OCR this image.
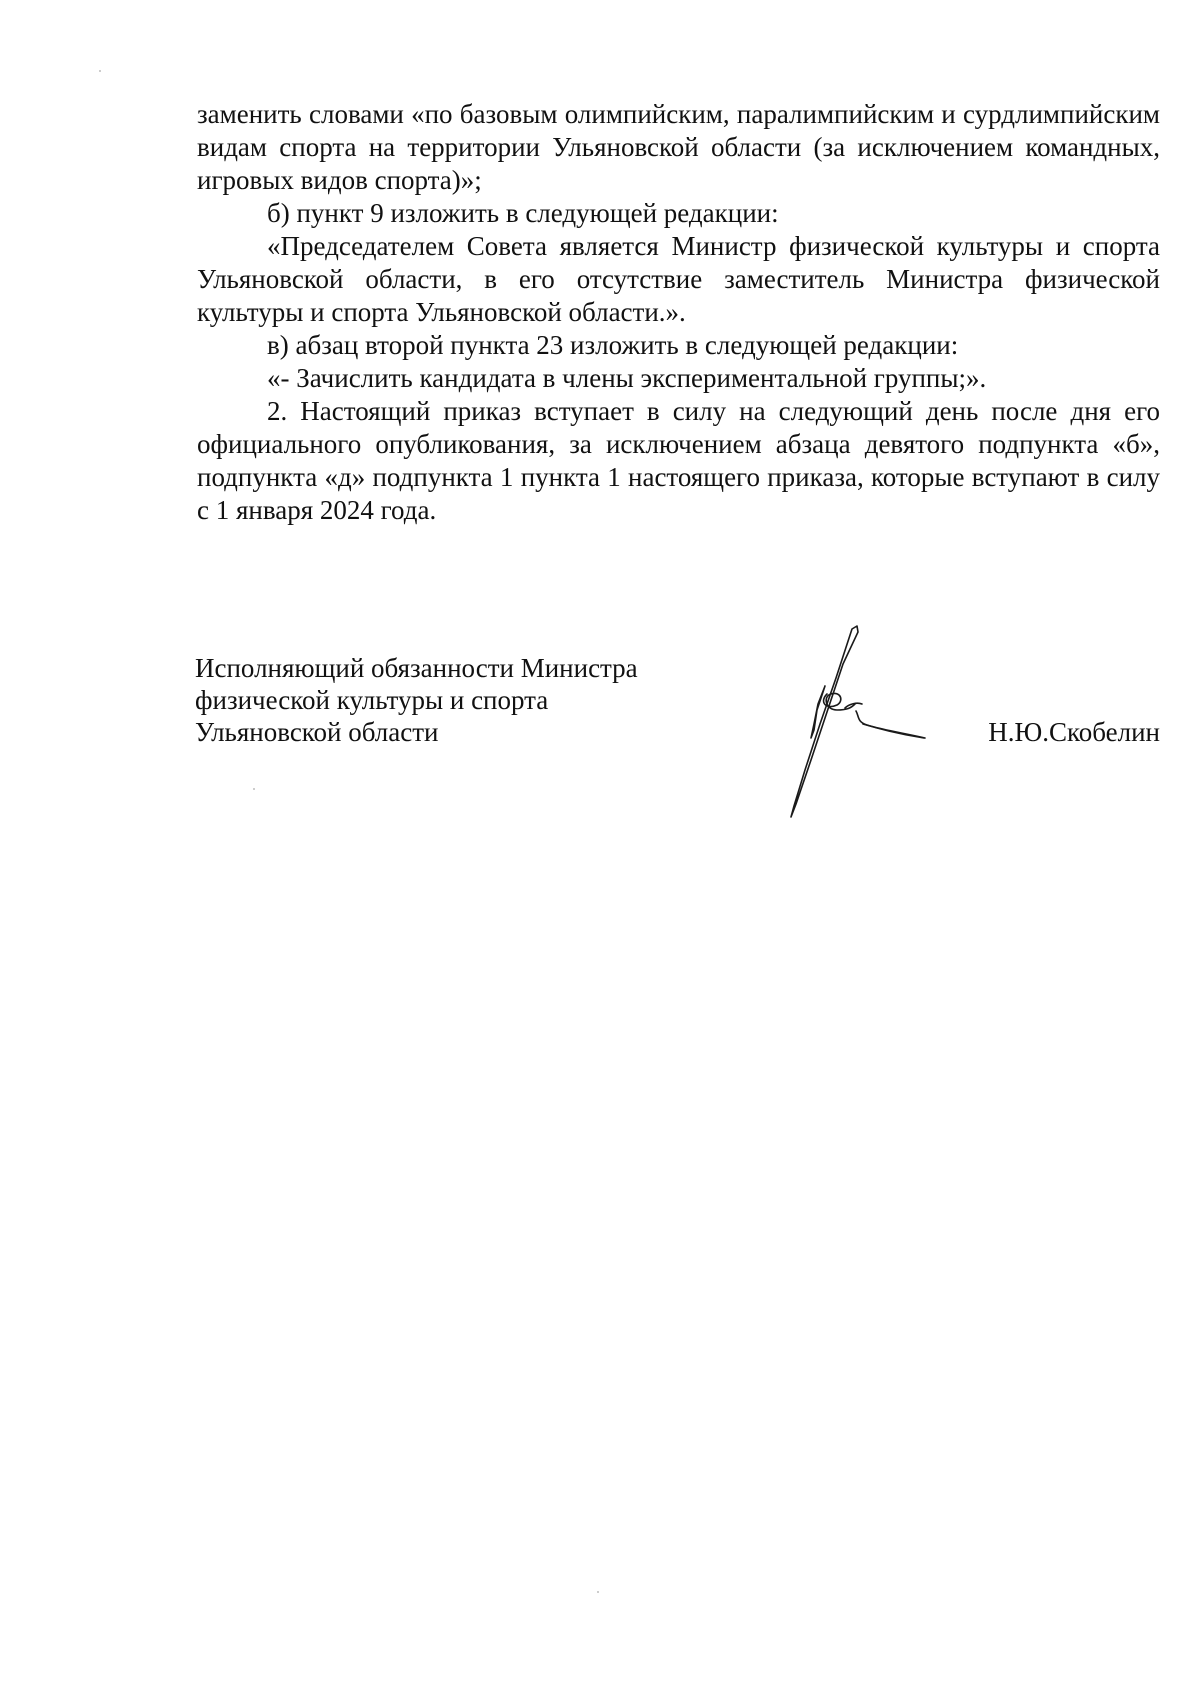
заменить словами «по базовым олимпийским, паралимпийским и сурдлимпийским видам спорта на территории Ульяновской области (за исключением командных, игровых видов спорта)»;

б) пункт 9 изложить в следующей редакции:

«Председателем Совета является Министр физической культуры и спорта Ульяновской области, в его отсутствие заместитель Министра физической культуры и спорта Ульяновской области.».

в) абзац второй пункта 23 изложить в следующей редакции:

«- Зачислить кандидата в члены экспериментальной группы;».

2. Настоящий приказ вступает в силу на следующий день после дня его официального опубликования, за исключением абзаца девятого подпункта «б», подпункта «д» подпункта 1 пункта 1 настоящего приказа, которые вступают в силу с 1 января 2024 года.

Исполняющий обязанности Министра
физической культуры и спорта
Ульяновской области	Н.Ю.Скобелин
